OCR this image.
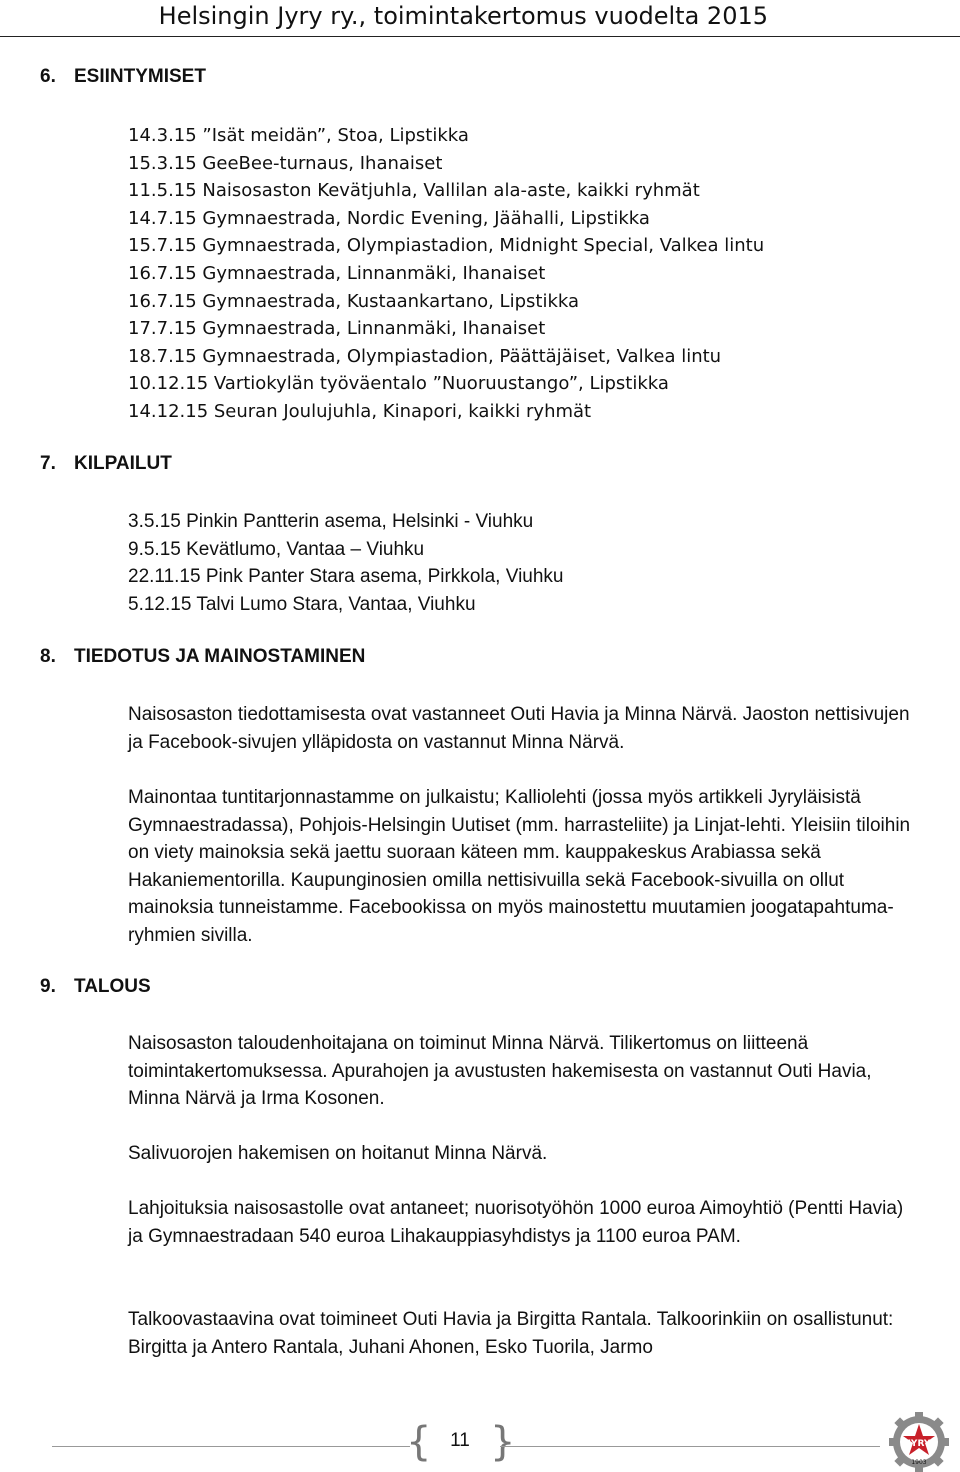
Helsingin Jyry ry., toimintakertomus vuodelta 2015
6. ESIINTYMISET
14.3.15 ”Isät meidän”, Stoa, Lipstikka
15.3.15 GeeBee-turnaus, Ihanaiset
11.5.15 Naisosaston Kevätjuhla, Vallilan ala-aste, kaikki ryhmät
14.7.15 Gymnaestrada, Nordic Evening, Jäähalli, Lipstikka
15.7.15 Gymnaestrada, Olympiastadion, Midnight Special, Valkea lintu
16.7.15 Gymnaestrada, Linnanmäki, Ihanaiset
16.7.15 Gymnaestrada, Kustaankartano, Lipstikka
17.7.15 Gymnaestrada, Linnanmäki, Ihanaiset
18.7.15 Gymnaestrada, Olympiastadion, Päättäjäiset, Valkea lintu
10.12.15 Vartiokylän työväentalo ”Nuoruustango”, Lipstikka
14.12.15 Seuran Joulujuhla, Kinapori, kaikki ryhmät
7. KILPAILUT
3.5.15 Pinkin Pantterin asema, Helsinki - Viuhku
9.5.15 Kevätlumo, Vantaa – Viuhku
22.11.15 Pink Panter Stara asema, Pirkkola, Viuhku
5.12.15 Talvi Lumo Stara, Vantaa, Viuhku
8. TIEDOTUS JA MAINOSTAMINEN

Naisosaston tiedottamisesta ovat vastanneet Outi Havia ja Minna Närvä. Jaoston nettisivujen ja Facebook-sivujen ylläpidosta on vastannut Minna Närvä.

Mainontaa tuntitarjonnastamme on julkaistu; Kalliolehti (jossa myös artikkeli Jyryläisistä Gymnaestradassa), Pohjois-Helsingin Uutiset (mm. harrasteliite) ja Linjat-lehti. Yleisiin tiloihin on viety mainoksia sekä jaettu suoraan käteen mm. kauppakeskus Arabiassa sekä Hakaniementorilla. Kaupunginosien omilla nettisivuilla sekä Facebook-sivuilla on ollut mainoksia tunneistamme. Facebookissa on myös mainostettu muutamien joogatapahtuma-ryhmien sivilla.

9. TALOUS

Naisosaston taloudenhoitajana on toiminut Minna Närvä. Tilikertomus on liitteenä toimintakertomuksessa. Apurahojen ja avustusten hakemisesta on vastannut Outi Havia, Minna Närvä ja Irma Kosonen.

Salivuorojen hakemisen on hoitanut Minna Närvä.

Lahjoituksia naisosastolle ovat antaneet; nuorisotyöhön 1000 euroa Aimoyhtiö (Pentti Havia) ja Gymnaestradaan 540 euroa Lihakauppiasyhdistys ja 1100 euroa PAM.

Talkoovastaavina ovat toimineet Outi Havia ja Birgitta Rantala. Talkoorinkiin on osallistunut: Birgitta ja Antero Rantala, Juhani Ahonen, Esko Tuorila, Jarmo

{ 11 }	JYRY
1903
